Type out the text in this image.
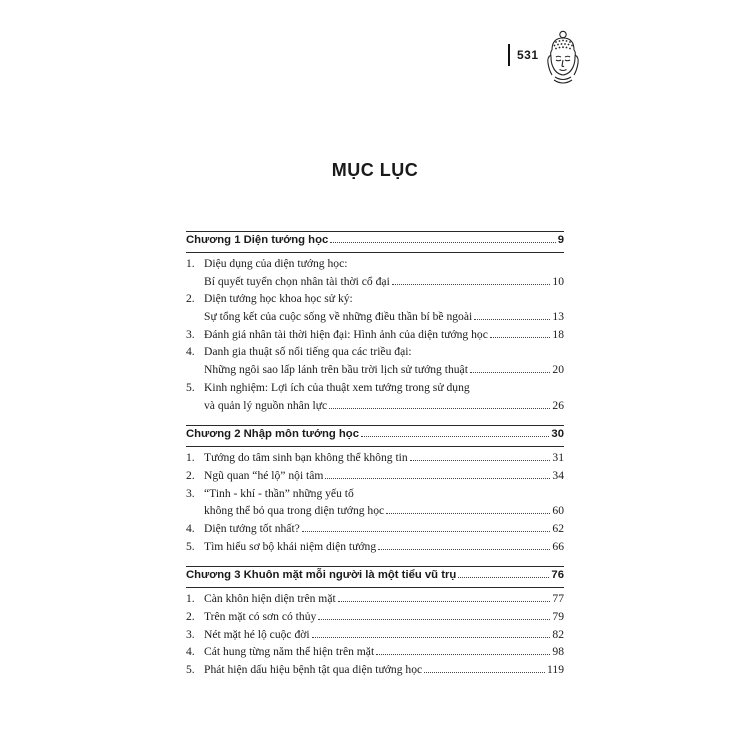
531
MỤC LỤC
Chương 1 Diện tướng học	9
1. Diệu dụng của diện tướng học:
Bí quyết tuyển chọn nhân tài thời cổ đại	10
2. Diện tướng học khoa học sử ký:
Sự tổng kết của cuộc sống về những điều thần bí bề ngoài	13
3. Đánh giá nhân tài thời hiện đại: Hình ảnh của diện tướng học	18
4. Danh gia thuật số nổi tiếng qua các triều đại:
Những ngôi sao lấp lánh trên bầu trời lịch sử tướng thuật	20
5. Kinh nghiệm: Lợi ích của thuật xem tướng trong sử dụng
và quản lý nguồn nhân lực	26
Chương 2 Nhập môn tướng học	30
1. Tướng do tâm sinh bạn không thể không tin	31
2. Ngũ quan “hé lộ” nội tâm	34
3. “Tinh - khí - thần” những yếu tố
không thể bỏ qua trong diện tướng học	60
4. Diện tướng tốt nhất?	62
5. Tìm hiểu sơ bộ khái niệm diện tướng	66
Chương 3 Khuôn mặt mỗi người là một tiểu vũ trụ	76
1. Càn khôn hiện diện trên mặt	77
2. Trên mặt có sơn có thủy	79
3. Nét mặt hé lộ cuộc đời	82
4. Cát hung từng năm thể hiện trên mặt	98
5. Phát hiện dấu hiệu bệnh tật qua diện tướng học	119
